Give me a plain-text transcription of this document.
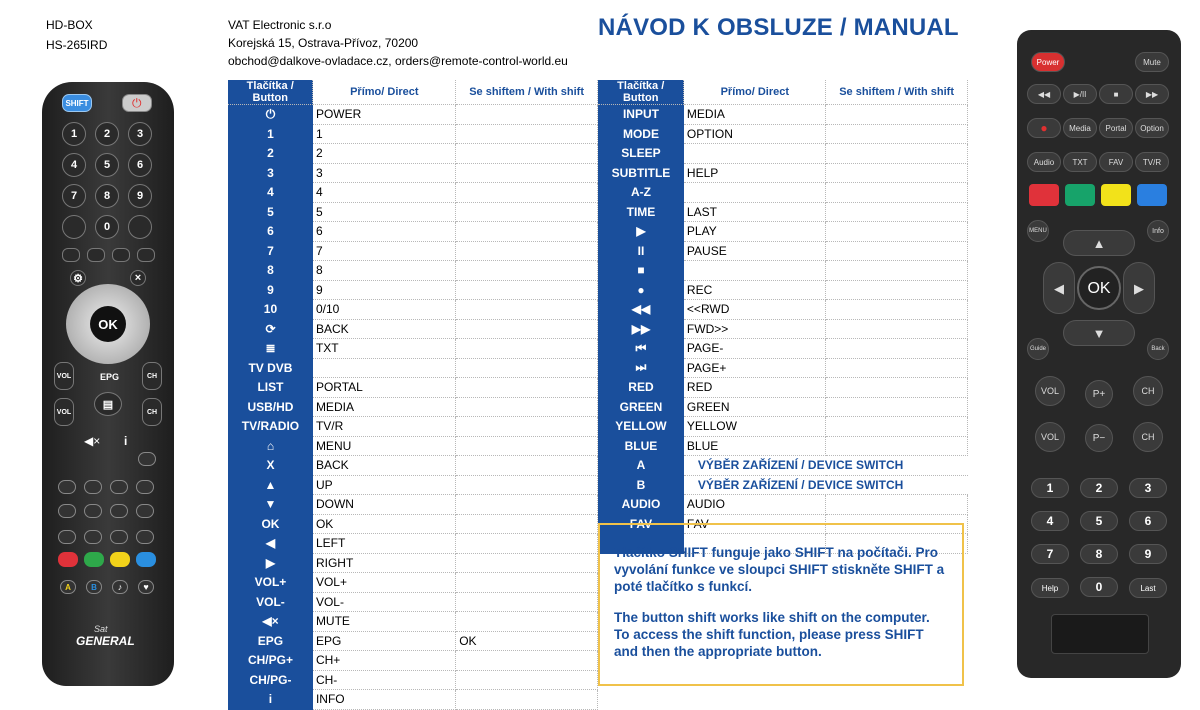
HD-BOX
HS-265IRD
VAT Electronic s.r.o
Korejská 15, Ostrava-Přívoz, 70200
obchod@dalkove-ovladace.cz, orders@remote-control-world.eu
NÁVOD K OBSLUZE / MANUAL
Tlačítka / Button	Přímo/ Direct	Se shiftem / With shift
⏻	POWER	
1	1	
2	2	
3	3	
4	4	
5	5	
6	6	
7	7	
8	8	
9	9	
10	0/10	
⟳	BACK	
≣	TXT	
TV DVB		
LIST	PORTAL	
USB/HD	MEDIA	
TV/RADIO	TV/R	
⌂	MENU	
X	BACK	
▲	UP	
▼	DOWN	
OK	OK	
◀	LEFT	
▶	RIGHT	
VOL+	VOL+	
VOL-	VOL-	
◀×	MUTE	
EPG	EPG	OK
CH/PG+	CH+	
CH/PG-	CH-	
i	INFO	
Tlačítka / Button	Přímo/ Direct	Se shiftem / With shift
INPUT	MEDIA	
MODE	OPTION	
SLEEP		
SUBTITLE	HELP	
A-Z		
TIME	LAST	
▶	PLAY	
II	PAUSE	
■		
●	REC	
◀◀	<<RWD	
▶▶	FWD>>	
⏮	PAGE-	
⏭	PAGE+	
RED	RED	
GREEN	GREEN	
YELLOW	YELLOW	
BLUE	BLUE	
A	VÝBĚR ZAŘÍZENÍ / DEVICE SWITCH	
B	VÝBĚR ZAŘÍZENÍ / DEVICE SWITCH	
AUDIO	AUDIO	
FAV	FAV	

Tlačítko SHIFT funguje jako SHIFT na počítači. Pro vyvolání funkce ve sloupci SHIFT stiskněte SHIFT a poté tlačítko s funkcí.

The button shift works like shift on the computer. To access the shift function, please press SHIFT and then the appropriate button.

SHIFT	⏻
1	2	3
4	5	6
7	8	9
0
⚙	×
OK
EPG
VOL
VOL
CH
CH
▤
◀× i
A	B	♪	♥
Sat
GENERAL
Power	Mute
◀◀	▶/II	■	▶▶
●	Media	Portal	Option
Audio	TXT	FAV	TV/R
MENU	Info
▲
◀	▶
OK
▼
Guide	Back
VOL	P+	CH
VOL	P−	CH
1	2	3
4	5	6
7	8	9
0
Help	Last
